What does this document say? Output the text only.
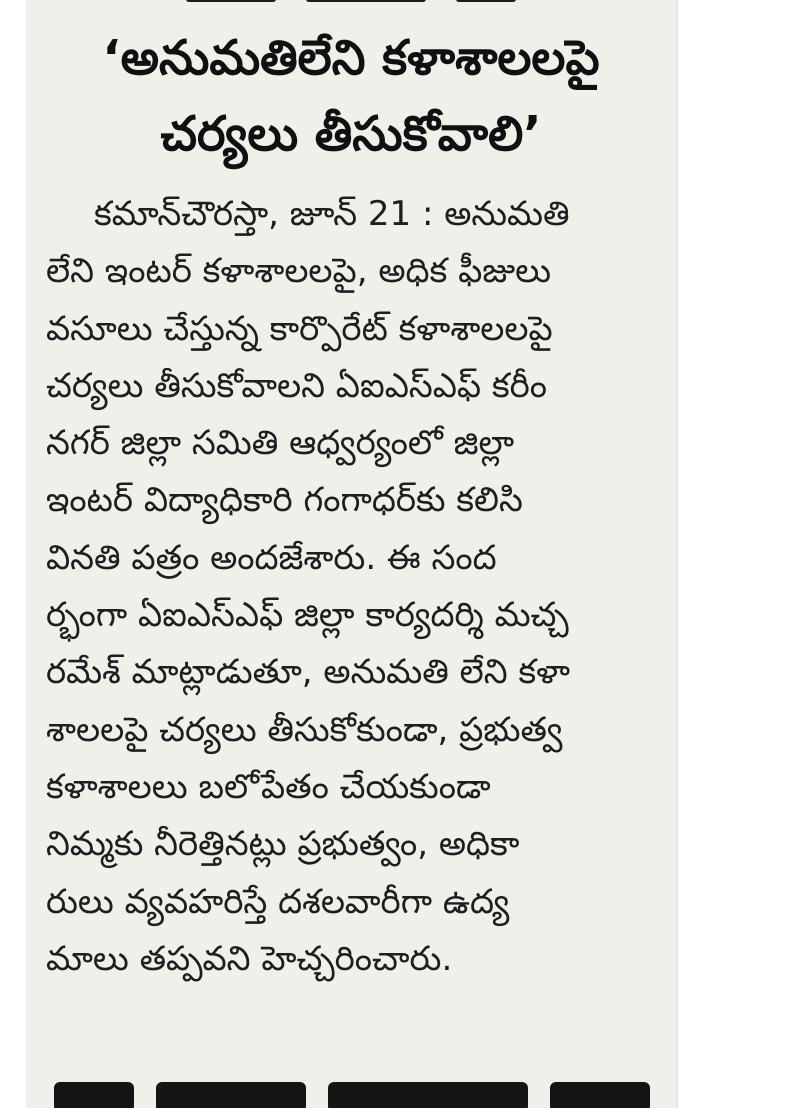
‘అనుమతిలేని కళాశాలలపై
చర్యలు తీసుకోవాలి’
కమాన్‌చౌరస్తా, జూన్ 21 : అనుమతి
లేని ఇంటర్ కళాశాలలపై, అధిక ఫీజులు
వసూలు చేస్తున్న కార్పొరేట్ కళాశాలలపై
చర్యలు తీసుకోవాలని ఏఐఎస్ఎఫ్ కరీం
నగర్ జిల్లా సమితి ఆధ్వర్యంలో జిల్లా
ఇంటర్ విద్యాధికారి గంగాధర్‌కు కలిసి
వినతి పత్రం అందజేశారు. ఈ సంద
ర్భంగా ఏఐఎస్ఎఫ్ జిల్లా కార్యదర్శి మచ్చ
రమేశ్ మాట్లాడుతూ, అనుమతి లేని కళా
శాలలపై చర్యలు తీసుకోకుండా, ప్రభుత్వ
కళాశాలలు బలోపేతం చేయకుండా
నిమ్మకు నీరెత్తినట్లు ప్రభుత్వం, అధికా
రులు వ్యవహరిస్తే దశలవారీగా ఉద్య
మాలు తప్పవని హెచ్చరించారు.
